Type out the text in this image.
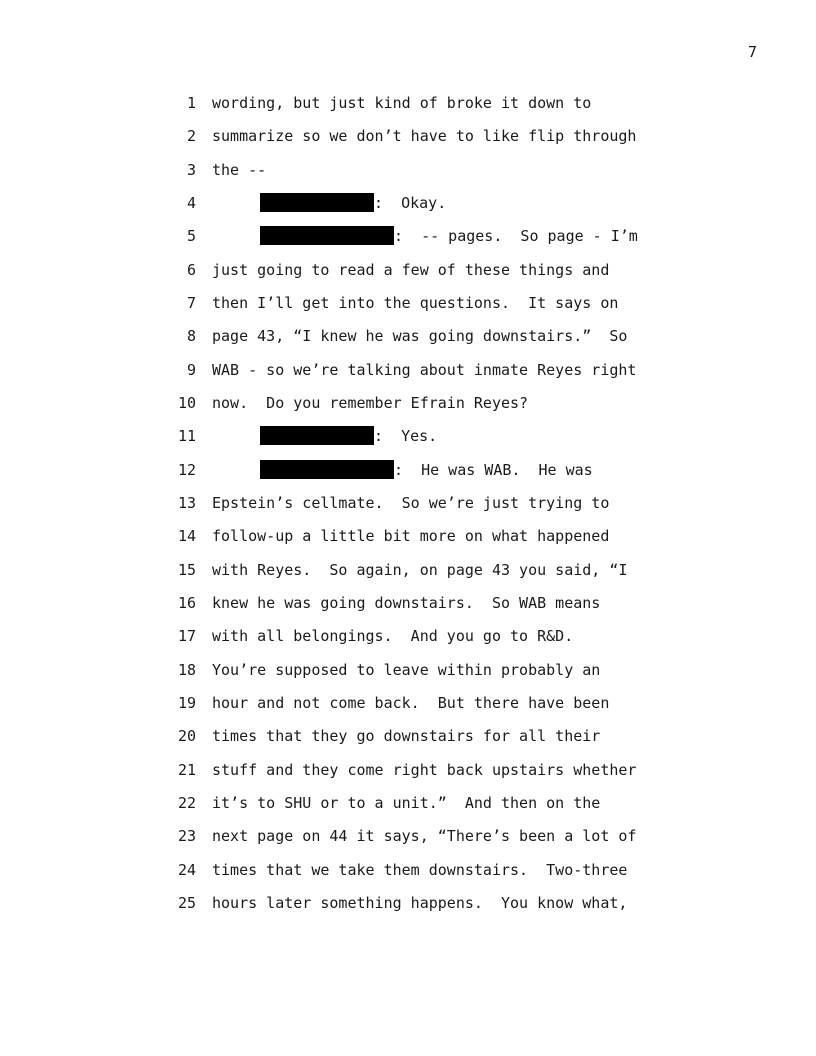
7

1

wording, but just kind of broke it down to

2

summarize so we don’t have to like flip through

3

the --

4

	:  Okay.

5

	:  -- pages.  So page - I’m

6

just going to read a few of these things and

7

then I’ll get into the questions.  It says on

8

page 43, “I knew he was going downstairs.”  So

9

WAB - so we’re talking about inmate Reyes right

10

now.  Do you remember Efrain Reyes?

11

	:  Yes.

12

	:  He was WAB.  He was

13

Epstein’s cellmate.  So we’re just trying to

14

follow-up a little bit more on what happened

15

with Reyes.  So again, on page 43 you said, “I

16

knew he was going downstairs.  So WAB means

17

with all belongings.  And you go to R&D.

18

You’re supposed to leave within probably an

19

hour and not come back.  But there have been

20

times that they go downstairs for all their

21

stuff and they come right back upstairs whether

22

it’s to SHU or to a unit.”  And then on the

23

next page on 44 it says, “There’s been a lot of

24

times that we take them downstairs.  Two-three

25

hours later something happens.  You know what,
